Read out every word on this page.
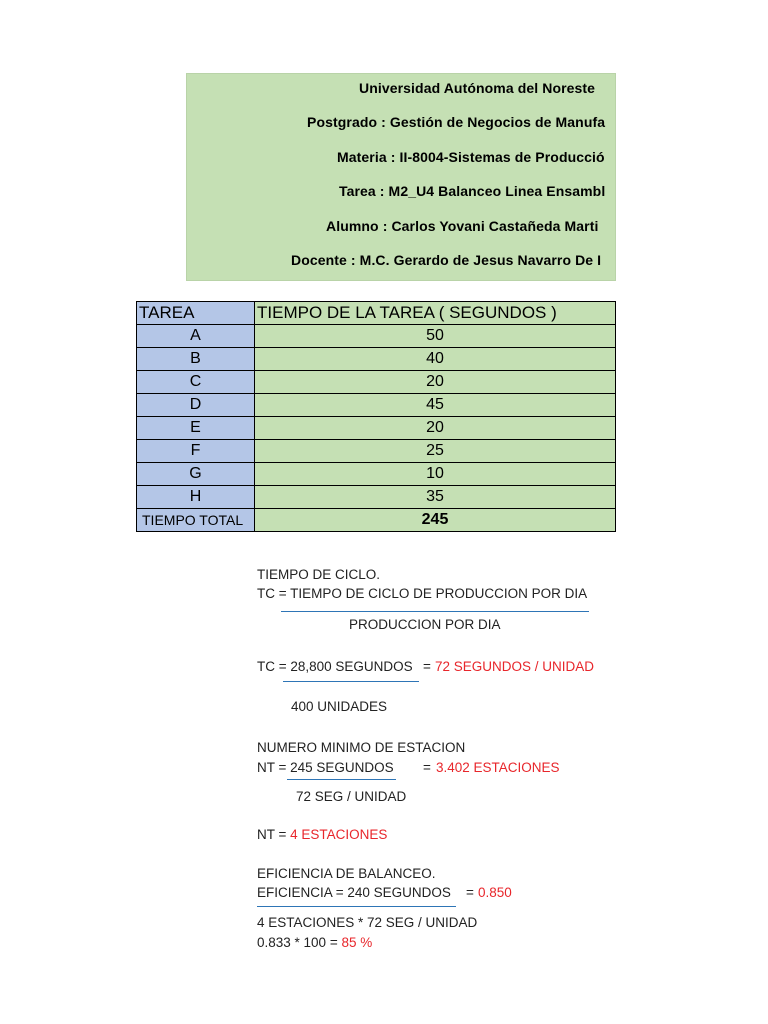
Universidad Autónoma del Noreste
Postgrado : Gestión de Negocios de Manufa
Materia : II-8004-Sistemas de Producció
Tarea : M2_U4 Balanceo Linea Ensambl
Alumno : Carlos Yovani Castañeda Marti
Docente : M.C. Gerardo de Jesus Navarro De I
TAREA	TIEMPO DE LA TAREA ( SEGUNDOS )
A	50
B	40
C	20
D	45
E	20
F	25
G	10
H	35
TIEMPO TOTAL	245
TIEMPO DE CICLO.
TC = TIEMPO DE CICLO DE PRODUCCION POR DIA
PRODUCCION POR DIA
TC = 28,800 SEGUNDOS = 72 SEGUNDOS / UNIDAD
400 UNIDADES
NUMERO MINIMO DE ESTACION
NT = 245 SEGUNDOS = 3.402 ESTACIONES
72 SEG / UNIDAD
NT = 4 ESTACIONES
EFICIENCIA DE BALANCEO.
EFICIENCIA = 240 SEGUNDOS = 0.850
4 ESTACIONES * 72 SEG / UNIDAD
0.833 * 100 = 85 %
